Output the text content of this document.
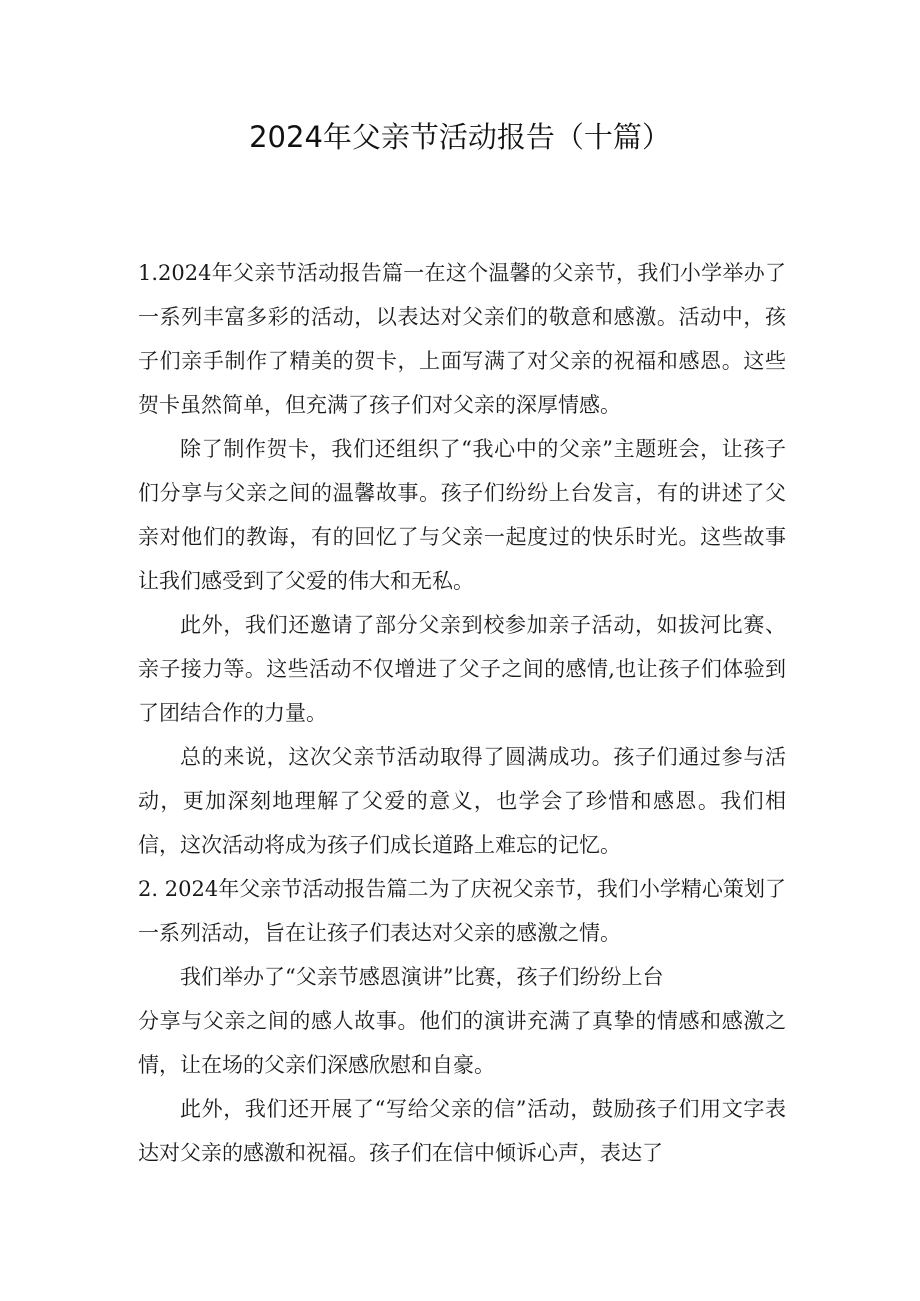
2024年父亲节活动报告（十篇）

1.2024年父亲节活动报告篇一在这个温馨的父亲节，我们小学举办了一系列丰富多彩的活动，以表达对父亲们的敬意和感激。活动中，孩子们亲手制作了精美的贺卡，上面写满了对父亲的祝福和感恩。这些贺卡虽然简单，但充满了孩子们对父亲的深厚情感。

除了制作贺卡，我们还组织了“我心中的父亲”主题班会，让孩子们分享与父亲之间的温馨故事。孩子们纷纷上台发言，有的讲述了父亲对他们的教诲，有的回忆了与父亲一起度过的快乐时光。这些故事让我们感受到了父爱的伟大和无私。

此外，我们还邀请了部分父亲到校参加亲子活动，如拔河比赛、亲子接力等。这些活动不仅增进了父子之间的感情,也让孩子们体验到了团结合作的力量。

总的来说，这次父亲节活动取得了圆满成功。孩子们通过参与活动，更加深刻地理解了父爱的意义，也学会了珍惜和感恩。我们相信，这次活动将成为孩子们成长道路上难忘的记忆。

2. 2024年父亲节活动报告篇二为了庆祝父亲节，我们小学精心策划了一系列活动，旨在让孩子们表达对父亲的感激之情。

我们举办了“父亲节感恩演讲”比赛，孩子们纷纷上台

分享与父亲之间的感人故事。他们的演讲充满了真挚的情感和感激之情，让在场的父亲们深感欣慰和自豪。

此外，我们还开展了“写给父亲的信”活动，鼓励孩子们用文字表达对父亲的感激和祝福。孩子们在信中倾诉心声，表达了
